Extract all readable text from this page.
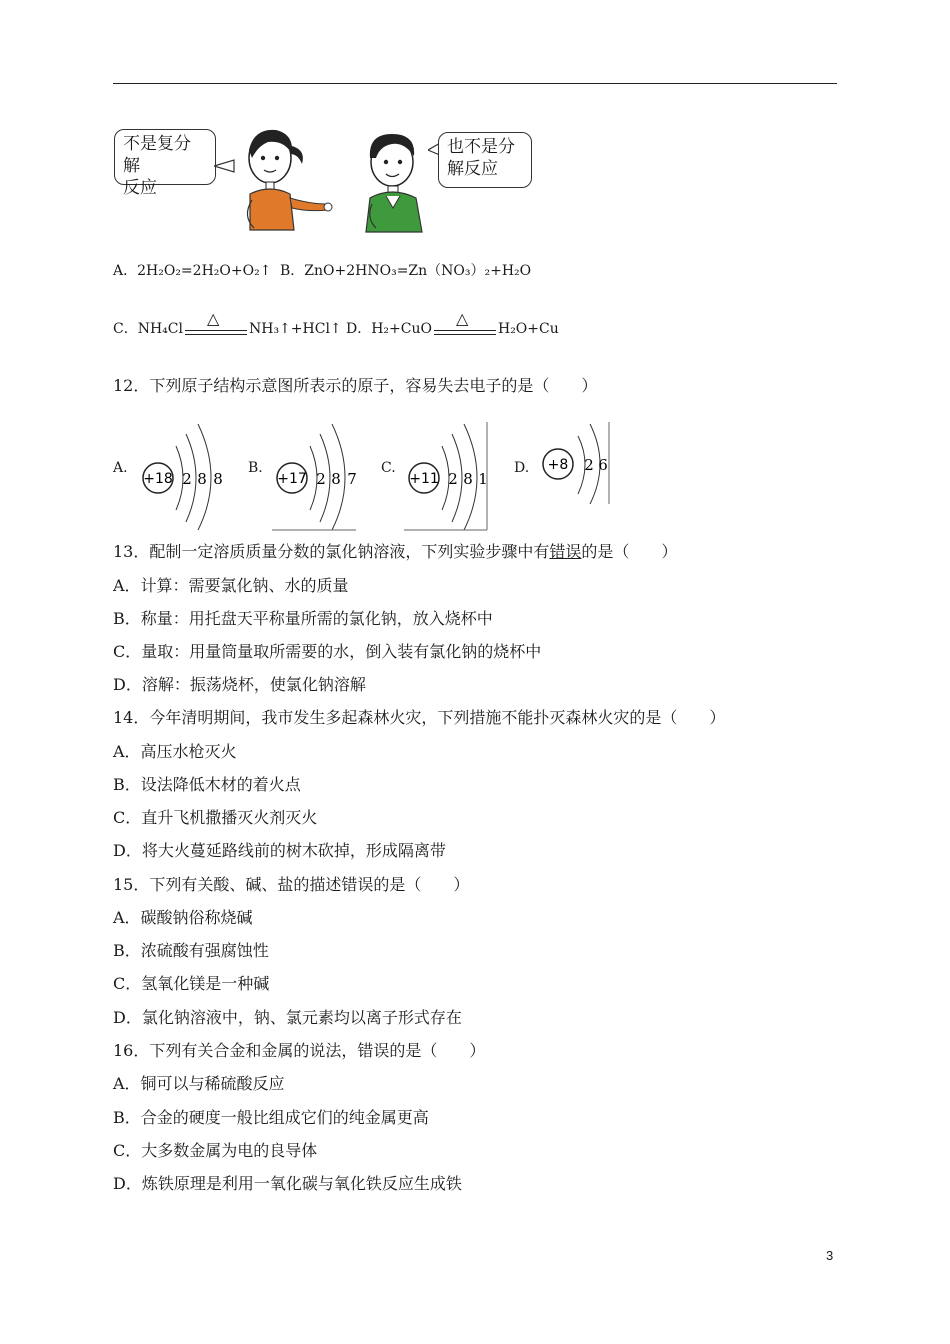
不是复分解
反应
也不是分
解反应
A．2H₂O₂=2H₂O+O₂↑ B．ZnO+2HNO₃=Zn（NO₃）₂+H₂O
C．NH₄Cl
△
NH₃↑+HCl↑ D．H₂+CuO
△
H₂O+Cu
12．下列原子结构示意图所表示的原子，容易失去电子的是（　　）
A.
+18 2 8 8
B.
+17 2 8 7
C.
+11 2 8 1
D. +8 2 6
13．配制一定溶质质量分数的氯化钠溶液，下列实验步骤中有错误的是（　　）
A．计算：需要氯化钠、水的质量
B．称量：用托盘天平称量所需的氯化钠，放入烧杯中
C．量取：用量筒量取所需要的水，倒入装有氯化钠的烧杯中
D．溶解：振荡烧杯，使氯化钠溶解
14．今年清明期间，我市发生多起森林火灾，下列措施不能扑灭森林火灾的是（　　）
A．高压水枪灭火
B．设法降低木材的着火点
C．直升飞机撒播灭火剂灭火
D．将大火蔓延路线前的树木砍掉，形成隔离带
15．下列有关酸、碱、盐的描述错误的是（　　）
A．碳酸钠俗称烧碱
B．浓硫酸有强腐蚀性
C．氢氧化镁是一种碱
D．氯化钠溶液中，钠、氯元素均以离子形式存在
16．下列有关合金和金属的说法，错误的是（　　）
A．铜可以与稀硫酸反应
B．合金的硬度一般比组成它们的纯金属更高
C．大多数金属为电的良导体
D．炼铁原理是利用一氧化碳与氧化铁反应生成铁
3
